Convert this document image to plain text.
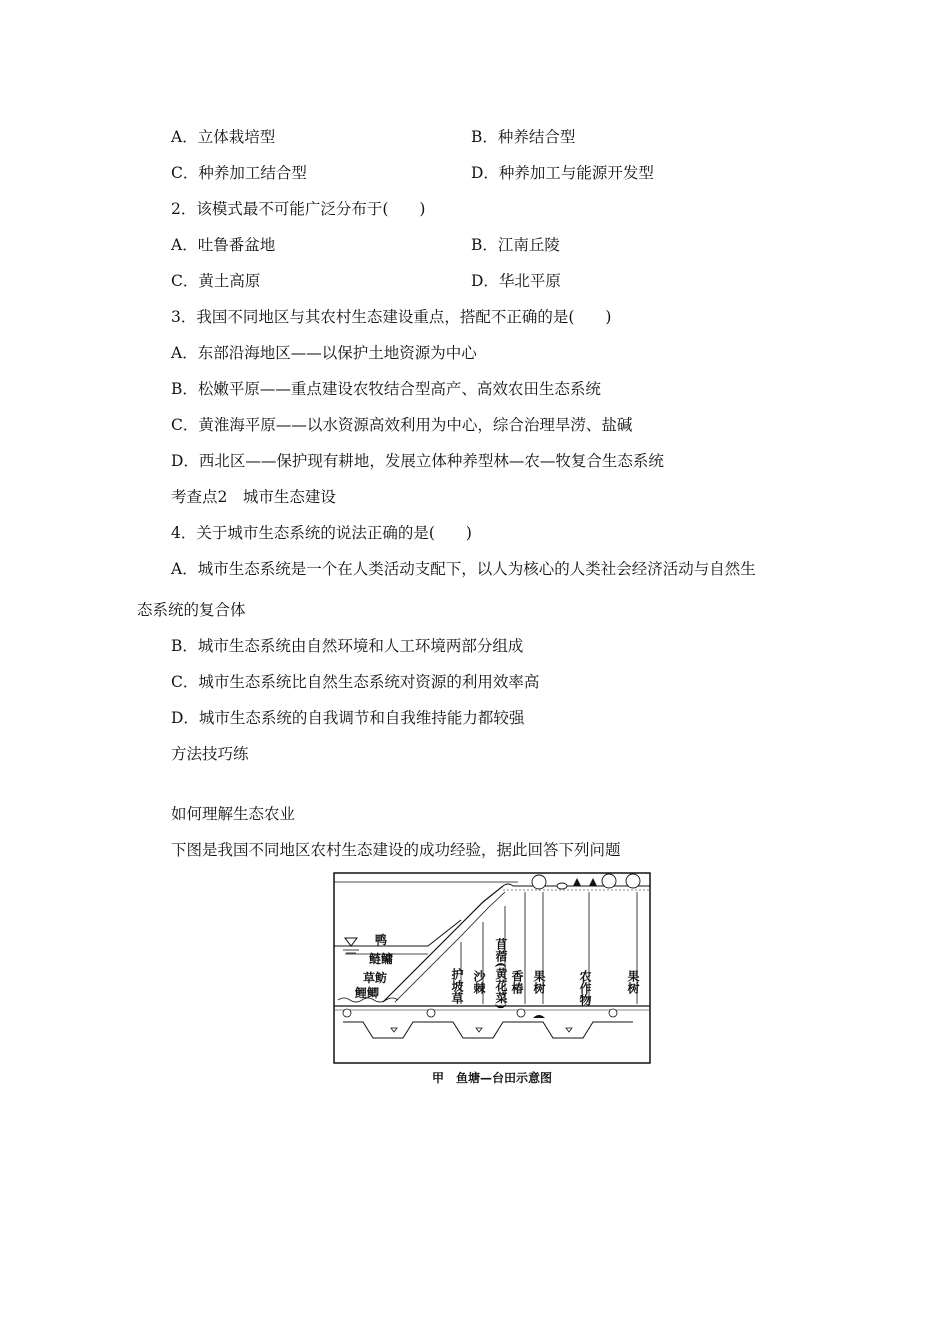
A．立体栽培型	B．种养结合型
C．种养加工结合型	D．种养加工与能源开发型
2．该模式最不可能广泛分布于(　　)
A．吐鲁番盆地	B．江南丘陵
C．黄土高原	D．华北平原
3．我国不同地区与其农村生态建设重点，搭配不正确的是(　　)
A．东部沿海地区——以保护土地资源为中心
B．松嫩平原——重点建设农牧结合型高产、高效农田生态系统
C．黄淮海平原——以水资源高效利用为中心，综合治理旱涝、盐碱
D．西北区——保护现有耕地，发展立体种养型林—农—牧复合生态系统
考查点2　城市生态建设
4．关于城市生态系统的说法正确的是(　　)
A．城市生态系统是一个在人类活动支配下，以人为核心的人类社会经济活动与自然生
态系统的复合体
B．城市生态系统由自然环境和人工环境两部分组成
C．城市生态系统比自然生态系统对资源的利用效率高
D．城市生态系统的自我调节和自我维持能力都较强
方法技巧练
如何理解生态农业
下图是我国不同地区农村生态建设的成功经验，据此回答下列问题
鸭
鲢鳙
草鲂
鲤鲫	护坡草 沙棘 苜蓿(黄花菜) 香椿 果树	农作物	果树
甲　鱼塘—台田示意图
